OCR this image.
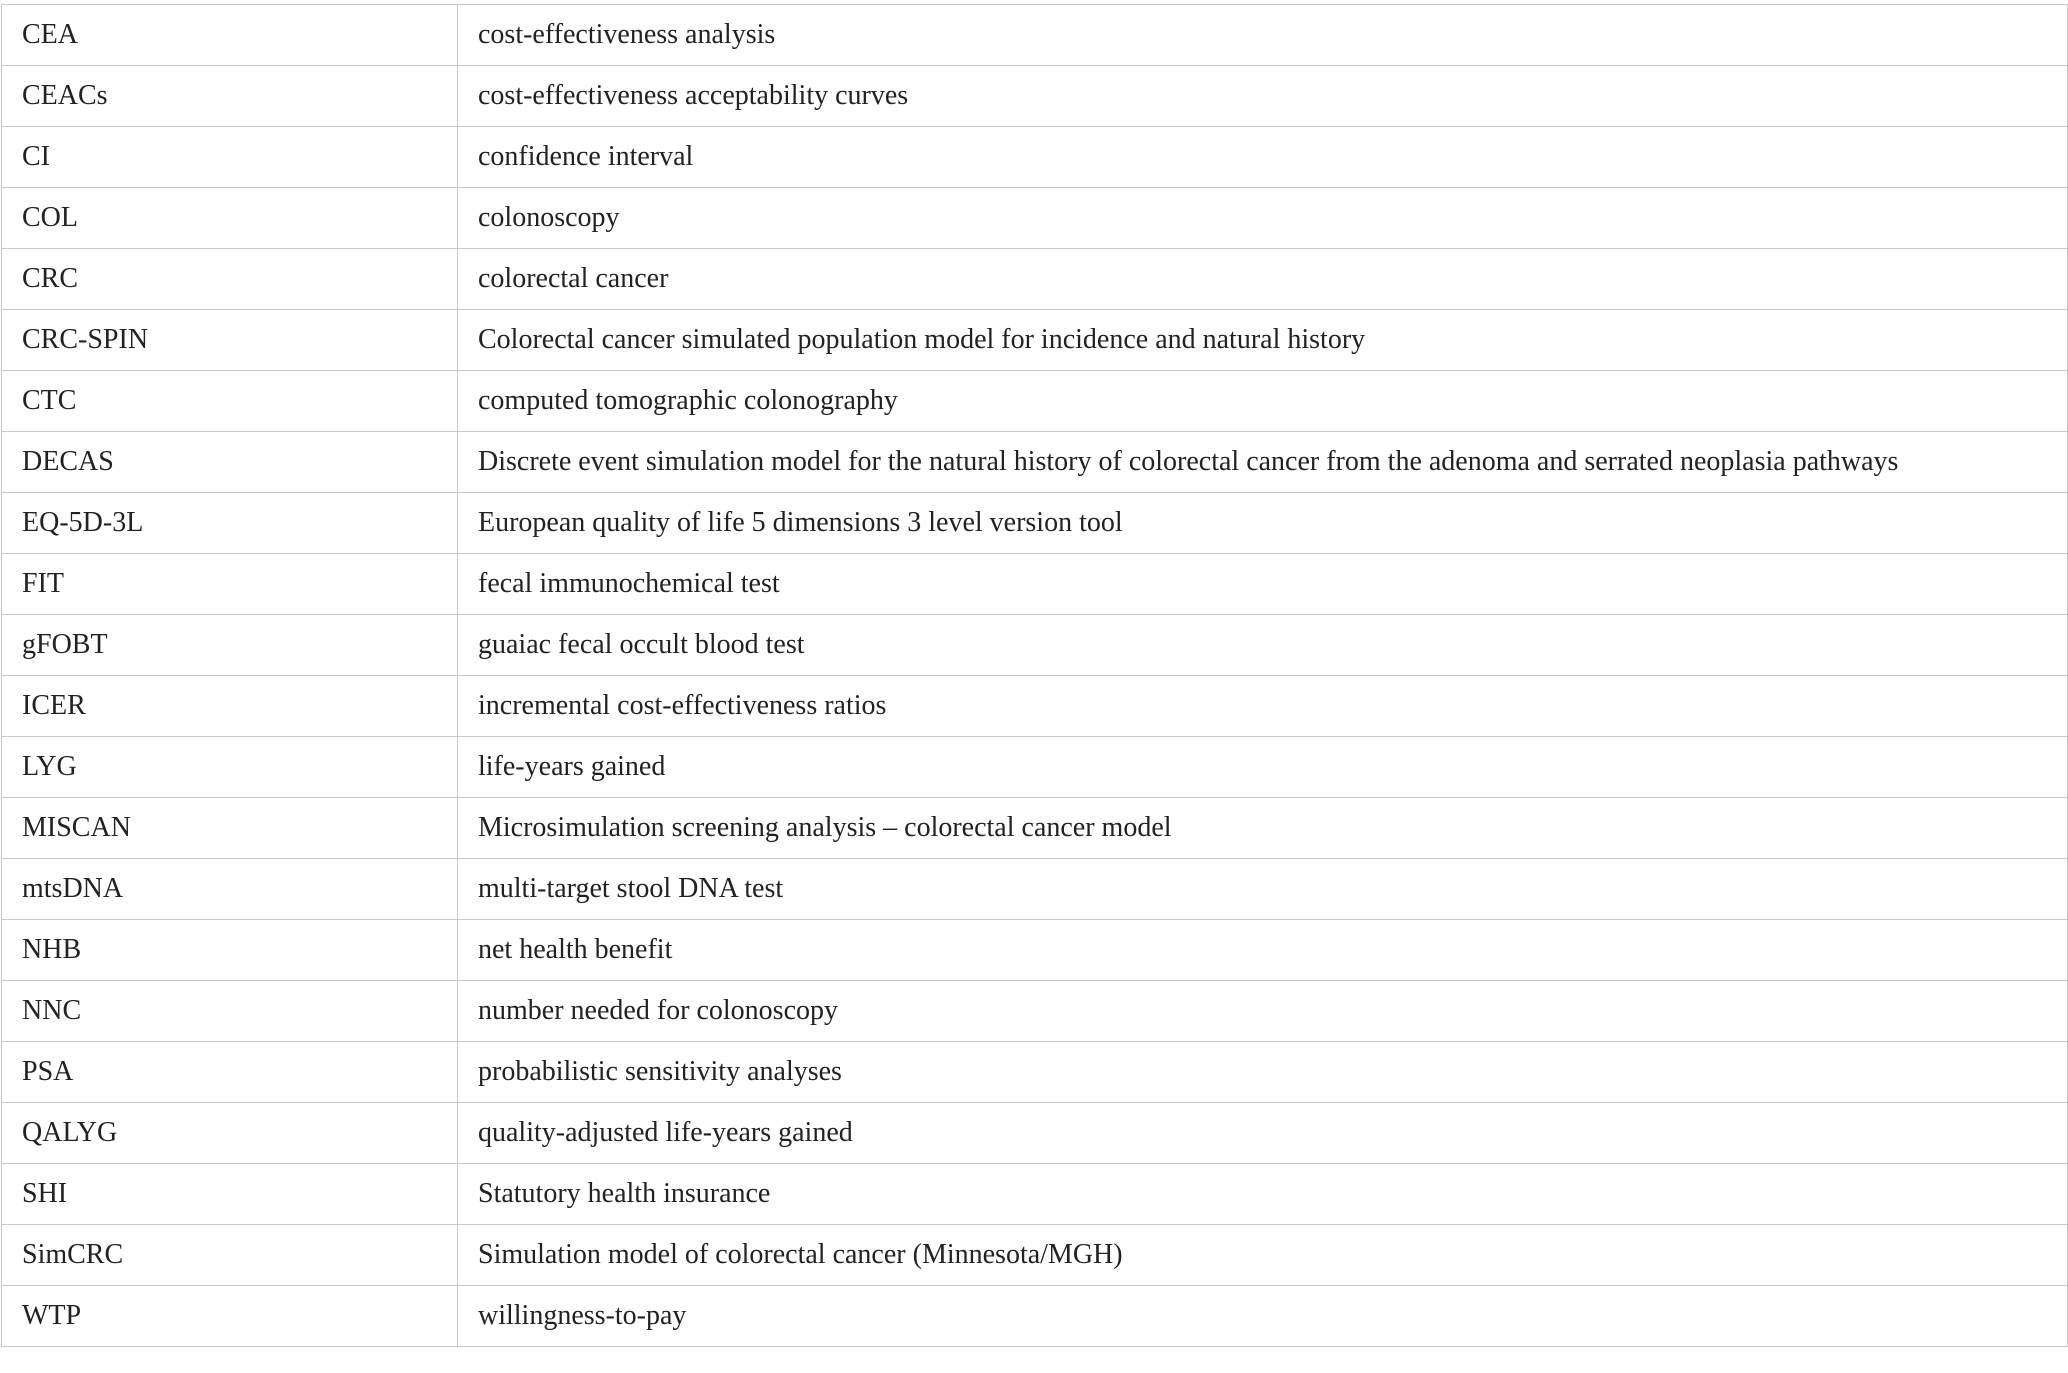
CEA	cost-effectiveness analysis
CEACs	cost-effectiveness acceptability curves
CI	confidence interval
COL	colonoscopy
CRC	colorectal cancer
CRC-SPIN	Colorectal cancer simulated population model for incidence and natural history
CTC	computed tomographic colonography
DECAS	Discrete event simulation model for the natural history of colorectal cancer from the adenoma and serrated neoplasia pathways
EQ-5D-3L	European quality of life 5 dimensions 3 level version tool
FIT	fecal immunochemical test
gFOBT	guaiac fecal occult blood test
ICER	incremental cost-effectiveness ratios
LYG	life-years gained
MISCAN	Microsimulation screening analysis – colorectal cancer model
mtsDNA	multi-target stool DNA test
NHB	net health benefit
NNC	number needed for colonoscopy
PSA	probabilistic sensitivity analyses
QALYG	quality-adjusted life-years gained
SHI	Statutory health insurance
SimCRC	Simulation model of colorectal cancer (Minnesota/MGH)
WTP	willingness-to-pay
